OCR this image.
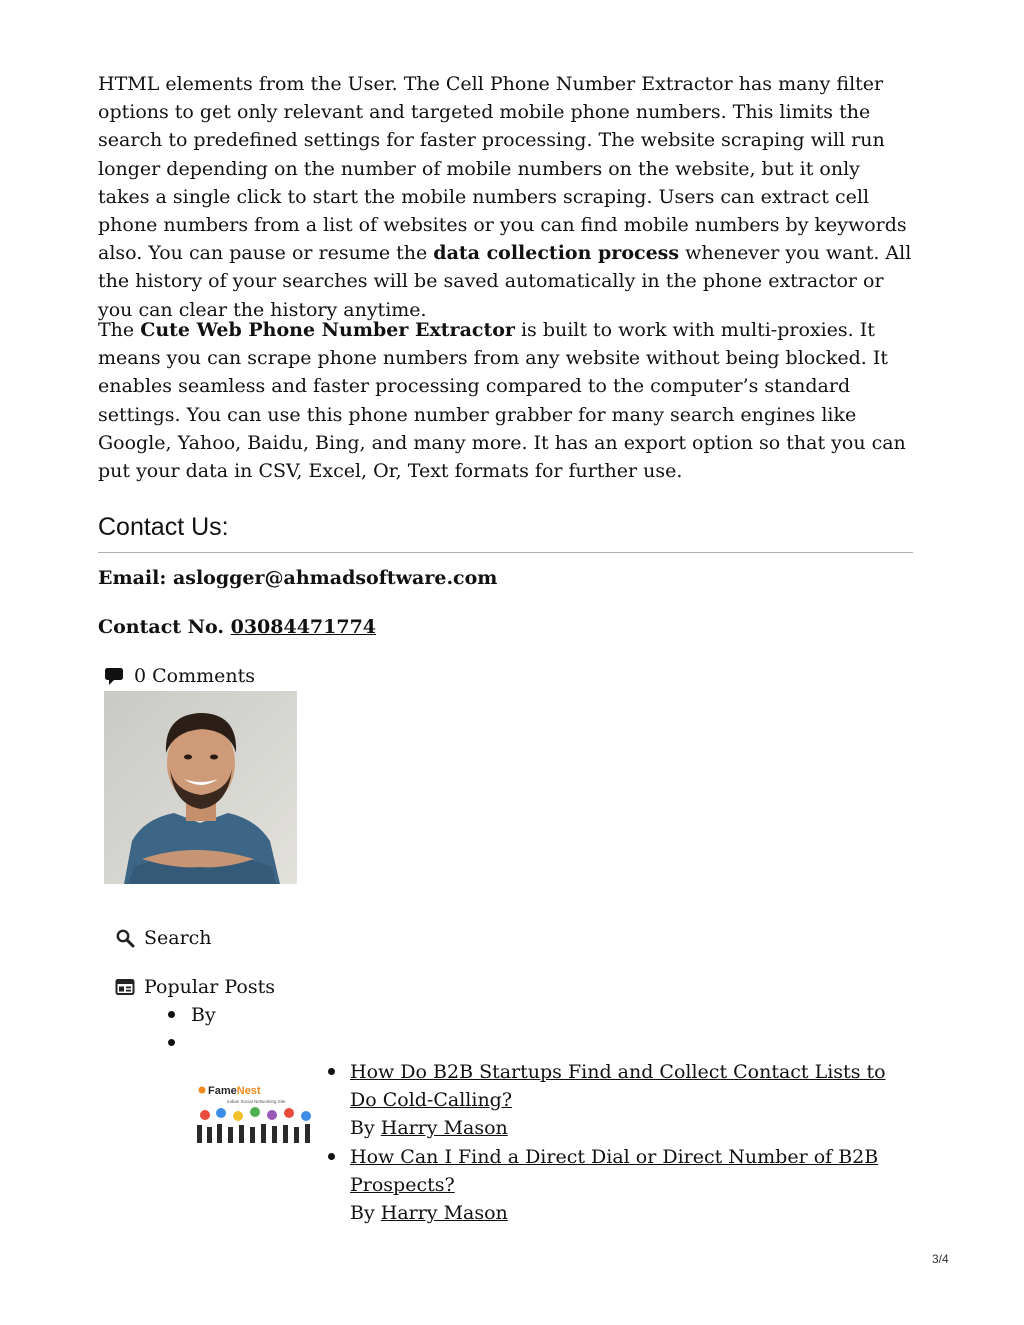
HTML elements from the User. The Cell Phone Number Extractor has many filter options to get only relevant and targeted mobile phone numbers. This limits the search to predefined settings for faster processing. The website scraping will run longer depending on the number of mobile numbers on the website, but it only takes a single click to start the mobile numbers scraping. Users can extract cell phone numbers from a list of websites or you can find mobile numbers by keywords also. You can pause or resume the data collection process whenever you want. All the history of your searches will be saved automatically in the phone extractor or you can clear the history anytime.

The Cute Web Phone Number Extractor is built to work with multi-proxies. It means you can scrape phone numbers from any website without being blocked. It enables seamless and faster processing compared to the computer’s standard settings. You can use this phone number grabber for many search engines like Google, Yahoo, Baidu, Bing, and many more. It has an export option so that you can put your data in CSV, Excel, Or, Text formats for further use.

Contact Us:
Email: aslogger@ahmadsoftware.com
Contact No. 03084471774
0 Comments
Search
Popular Posts
By
FameNest
Indian Social Networking Site
How Do B2B Startups Find and Collect Contact Lists to Do Cold-Calling?
By Harry Mason
How Can I Find a Direct Dial or Direct Number of B2B Prospects?
By Harry Mason
3/4
